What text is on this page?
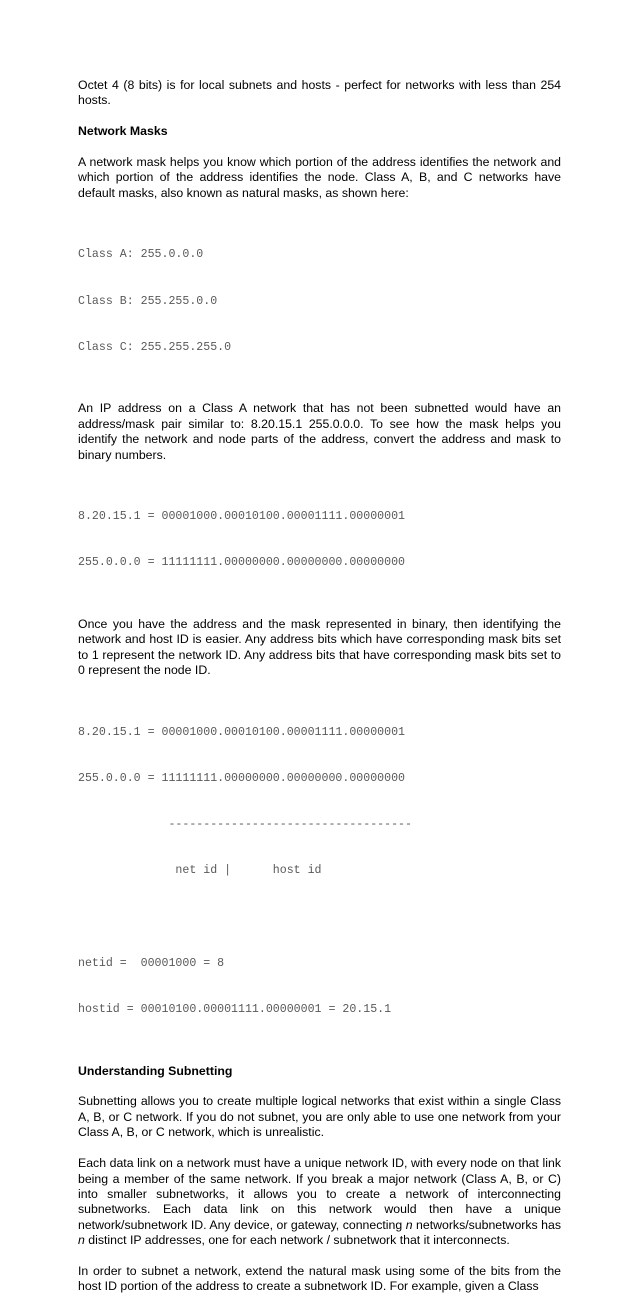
Octet 4 (8 bits) is for local subnets and hosts - perfect for networks with less than 254 hosts.

Network Masks

A network mask helps you know which portion of the address identifies the network and which portion of the address identifies the node. Class A, B, and C networks have default masks, also known as natural masks, as shown here:

Class A: 255.0.0.0

Class B: 255.255.0.0

Class C: 255.255.255.0

An IP address on a Class A network that has not been subnetted would have an address/mask pair similar to: 8.20.15.1 255.0.0.0. To see how the mask helps you identify the network and node parts of the address, convert the address and mask to binary numbers.

8.20.15.1 = 00001000.00010100.00001111.00000001

255.0.0.0 = 11111111.00000000.00000000.00000000

Once you have the address and the mask represented in binary, then identifying the network and host ID is easier. Any address bits which have corresponding mask bits set to 1 represent the network ID. Any address bits that have corresponding mask bits set to 0 represent the node ID.

8.20.15.1 = 00001000.00010100.00001111.00000001

255.0.0.0 = 11111111.00000000.00000000.00000000

-----------------------------------

net id |      host id

netid =  00001000 = 8

hostid = 00010100.00001111.00000001 = 20.15.1

Understanding Subnetting

Subnetting allows you to create multiple logical networks that exist within a single Class A, B, or C network. If you do not subnet, you are only able to use one network from your Class A, B, or C network, which is unrealistic.

Each data link on a network must have a unique network ID, with every node on that link being a member of the same network. If you break a major network (Class A, B, or C) into smaller subnetworks, it allows you to create a network of interconnecting subnetworks. Each data link on this network would then have a unique network/subnetwork ID. Any device, or gateway, connecting n networks/subnetworks has n distinct IP addresses, one for each network / subnetwork that it interconnects.

In order to subnet a network, extend the natural mask using some of the bits from the host ID portion of the address to create a subnetwork ID. For example, given a Class
